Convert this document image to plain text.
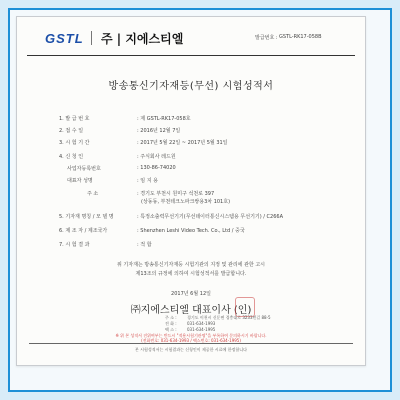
GSTL 주 | 지에스티엘	발급번호 : GSTL-RK17-058B
방송통신기자재등(무선) 시험성적서
1. 발 급 번 호	: 제 GSTL-RK17-058호
2. 접 수 일	: 2016년 12월 7일
3. 시 험 기 간	: 2017년 5월 22일 ~ 2017년 5월 31일
4. 신 청 인	: 주식회사 레드원
사업자등록번호	: 130-86-74020
대표자 성명	: 임 지 용
주 소	: 경기도 부천시 원미구 석천로 397
(상동동, 부천테크노파크쌍용3차 101호)
5. 기자재 명칭 / 모 델 명	: 특정소출력무선기기(무선데이터통신시스템용 무선기기) / C266A
6. 제 조 자 / 제조국가	: Shenzhen Leshi Video Tech. Co., Ltd / 중국
7. 시 험 결 과	: 적 합
위 기자재는 방송통신기자재등 시험기관의 지정 및 관리에 관한 고시
제13조의 규정에 의하여 시험성적서를 발급합니다.
2017년 6월 12일
㈜지에스티엘 대표이사 (인)
주 소 :	경기도 이천시 신둔면 경충대로 3233번길 88-5
전 화 :	031-634-1993
팩 스 :	031-634-1995
※ 위 본 성적서 진위여부는 반드시 "적용시험기관명"을 부록하여 문의하시기 바랍니다.
(전화번호: 031-634-1993 / 팩스번호: 031-634-1995)
본 시험성적서는 시험결과는 신청인이 제공한 시료에 한정합니다
